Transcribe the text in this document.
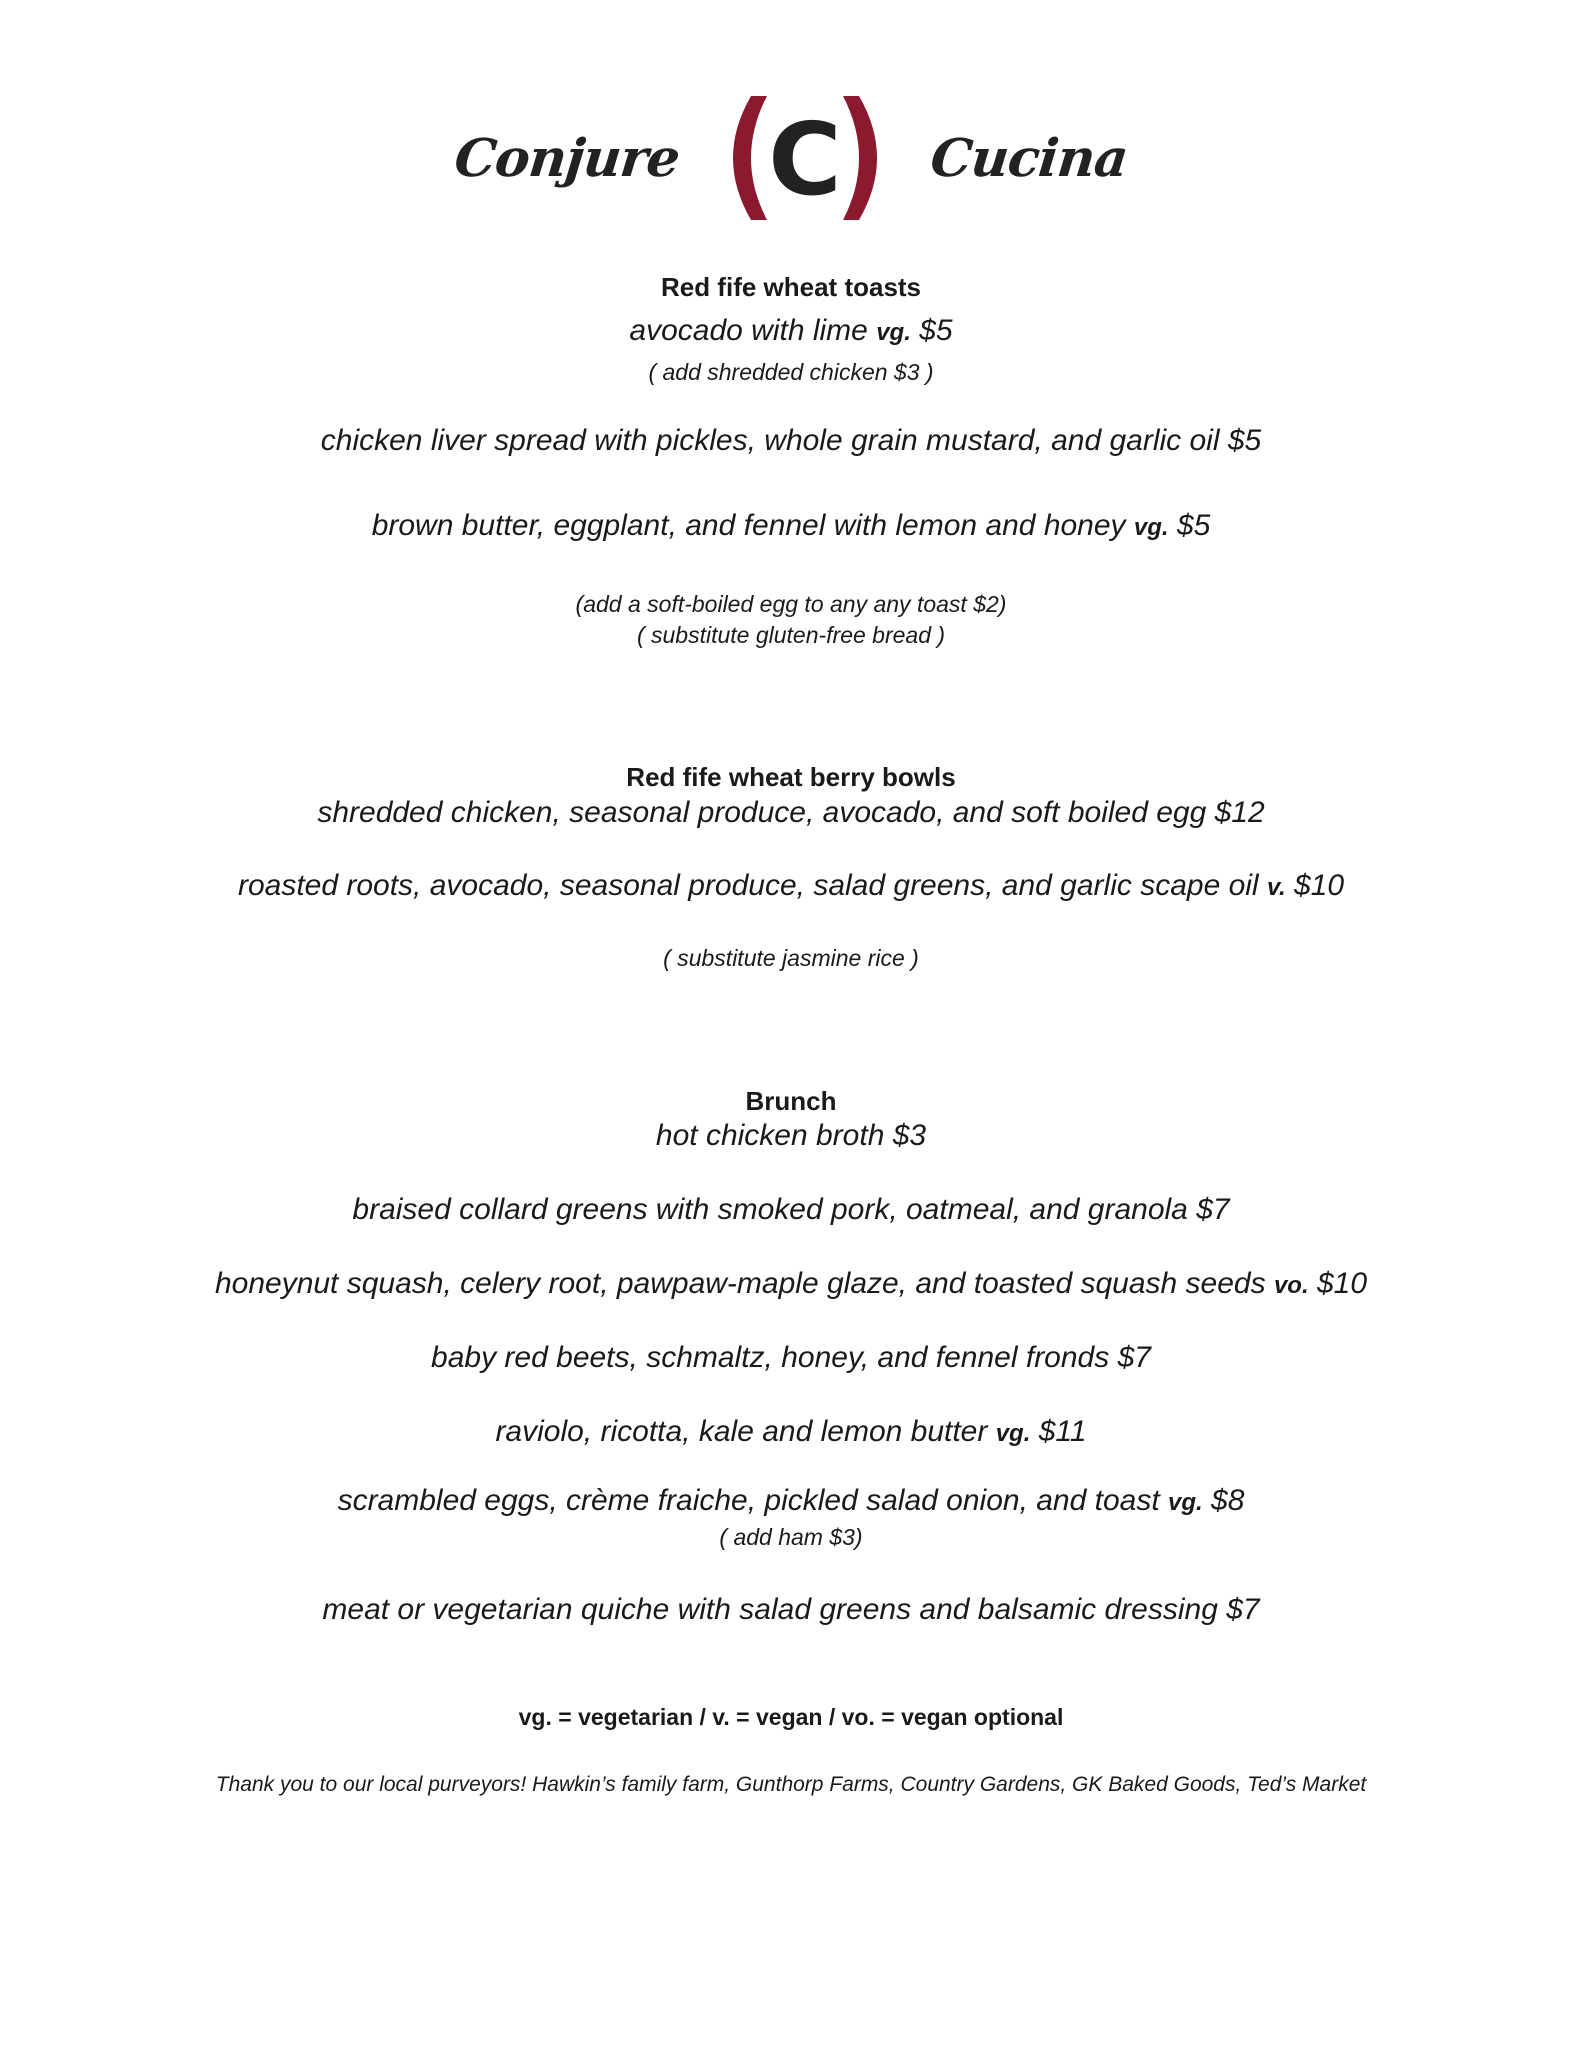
Conjure C Cucina

Red fife wheat toasts

avocado with lime vg. $5

( add shredded chicken $3 )

chicken liver spread with pickles, whole grain mustard, and garlic oil $5

brown butter, eggplant, and fennel with lemon and honey vg. $5

(add a soft-boiled egg to any any toast $2)

( substitute gluten-free bread )

Red fife wheat berry bowls

shredded chicken, seasonal produce, avocado, and soft boiled egg $12

roasted roots, avocado, seasonal produce, salad greens, and garlic scape oil v. $10

( substitute jasmine rice )

Brunch

hot chicken broth $3

braised collard greens with smoked pork, oatmeal, and granola $7

honeynut squash, celery root, pawpaw-maple glaze, and toasted squash seeds vo. $10

baby red beets, schmaltz, honey, and fennel fronds $7

raviolo, ricotta, kale and lemon butter vg. $11

scrambled eggs, crème fraiche, pickled salad onion, and toast vg. $8

( add ham $3)

meat or vegetarian quiche with salad greens and balsamic dressing $7

vg. = vegetarian / v. = vegan / vo. = vegan optional

Thank you to our local purveyors! Hawkin’s family farm, Gunthorp Farms, Country Gardens, GK Baked Goods, Ted’s Market
